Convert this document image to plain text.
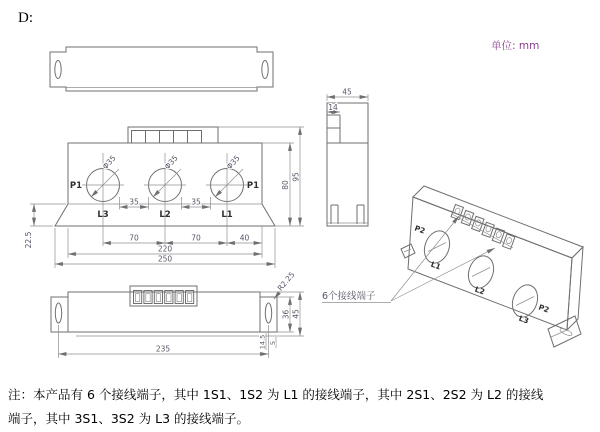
D:
单位: mm
Φ35	Φ35	Φ35
P1	P1
L3	L2	L1
35	35
70	70	40
220
250
22.5
80
95
45
14
235
R2.25
36 45
14.5 5
P2
L1
L2
L3
P2
6个接线端子
注：本产品有 6 个接线端子，其中 1S1、1S2 为 L1 的接线端子，其中 2S1、2S2 为 L2 的接线
端子，其中 3S1、3S2 为 L3 的接线端子。
